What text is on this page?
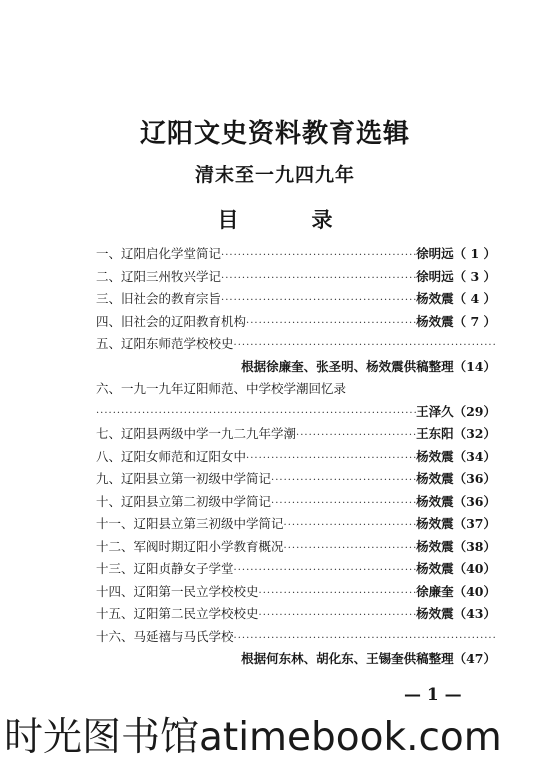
辽阳文史资料教育选辑
清末至一九四九年
目　录
一、 辽阳启化学堂简记 ·····	徐明远 （ 1 ）
二、 辽阳三州牧兴学记 ·····	徐明远 （ 3 ）
三、 旧社会的教育宗旨 ·····	杨效震 （ 4 ）
四、 旧社会的辽阳教育机构 ·····	杨效震 （ 7 ）
五、 辽阳东师范学校校史
·····
根据徐廉奎、张圣明、杨效震供稿整理 （14）
六、 一九一九年辽阳师范、中学校学潮回忆录
·····
王泽久 （29）
七、 辽阳县两级中学一九二九年学潮 ·····	王东阳 （32）
八、 辽阳女师范和辽阳女中 ·····	杨效震 （34）
九、 辽阳县立第一初级中学简记 ·····	杨效震 （36）
十、 辽阳县立第二初级中学简记 ·····	杨效震 （36）
十一、 辽阳县立第三初级中学简记 ·····	杨效震 （37）
十二、 军阀时期辽阳小学教育概况 ·····	杨效震 （38）
十三、 辽阳贞静女子学堂 ·····	杨效震 （40）
十四、 辽阳第一民立学校校史 ·····	徐廉奎 （40）
十五、 辽阳第二民立学校校史 ·····	杨效震 （43）
十六、 马延禧与马氏学校
·····
根据何东林、胡化东、王锡奎供稿整理 （47）
— 1 —
时光图书馆atimebook.com
